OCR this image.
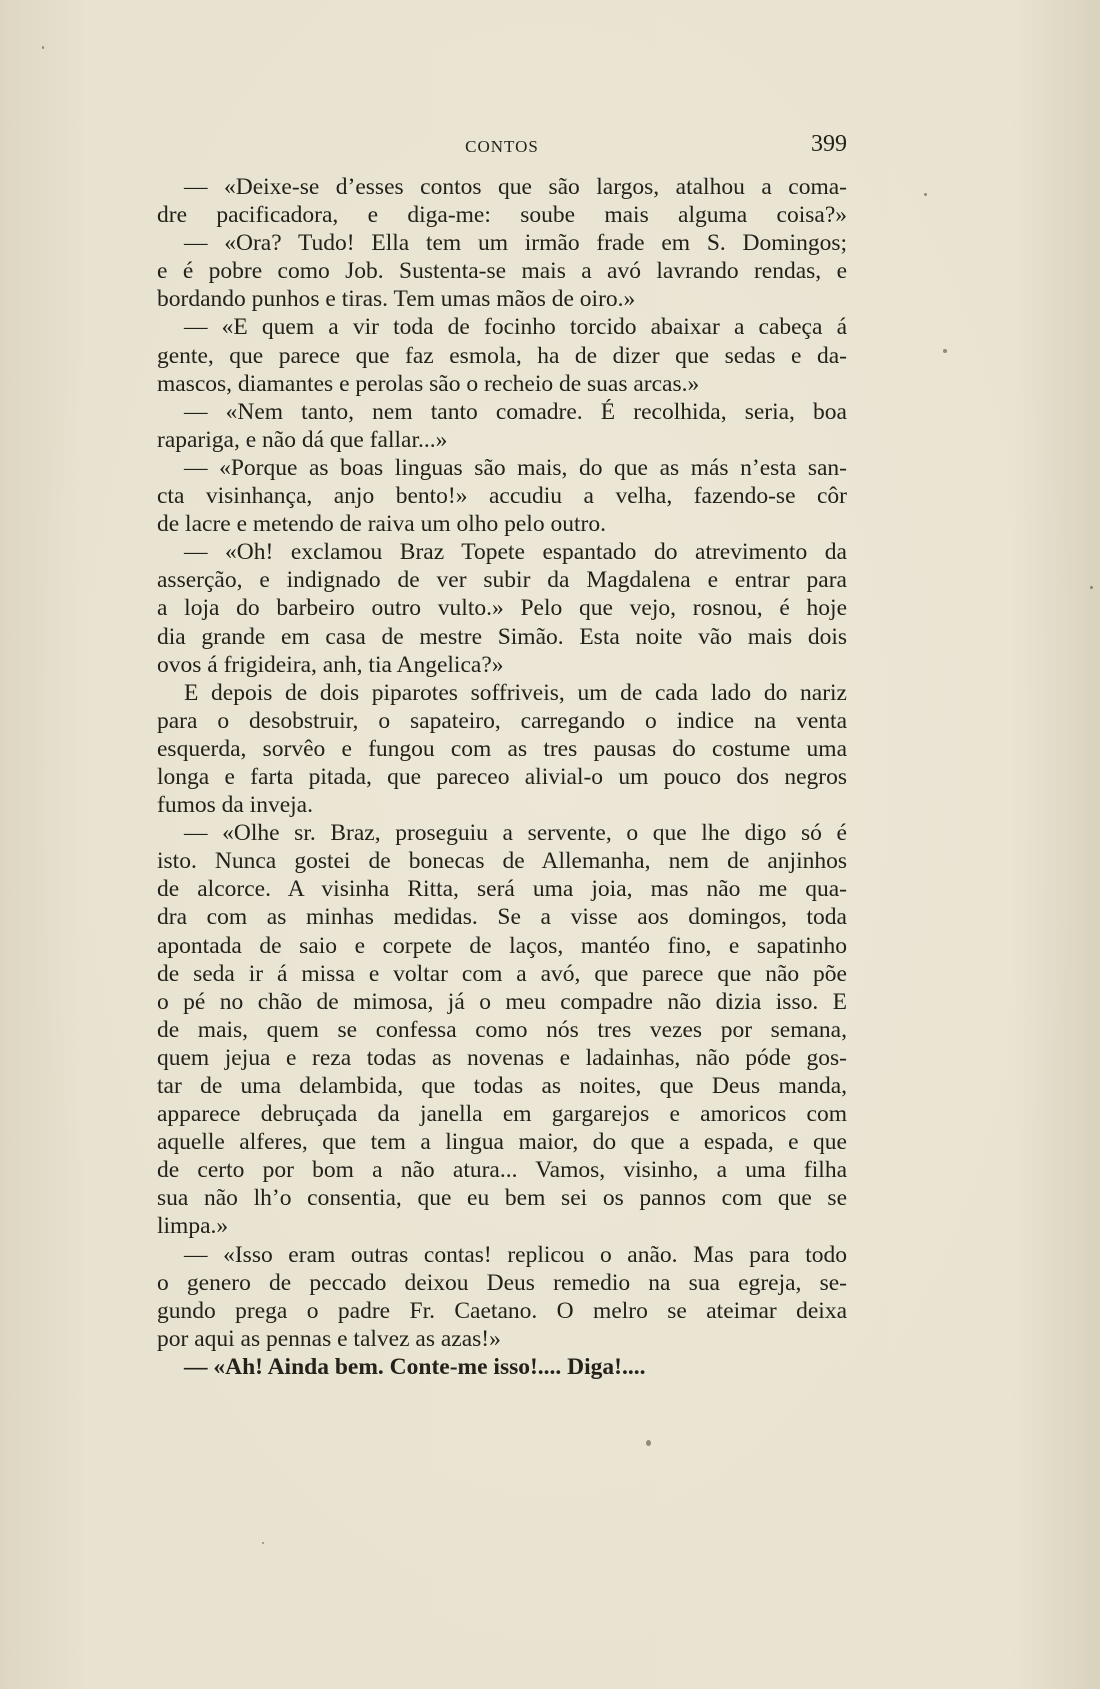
CONTOS	399
— «Deixe-se d’esses contos que são largos, atalhou a coma-
dre pacificadora, e diga-me: soube mais alguma coisa?»
— «Ora? Tudo! Ella tem um irmão frade em S. Domingos;
e é pobre como Job. Sustenta-se mais a avó lavrando rendas, e
bordando punhos e tiras. Tem umas mãos de oiro.»
— «E quem a vir toda de focinho torcido abaixar a cabeça á
gente, que parece que faz esmola, ha de dizer que sedas e da-
mascos, diamantes e perolas são o recheio de suas arcas.»
— «Nem tanto, nem tanto comadre. É recolhida, seria, boa
rapariga, e não dá que fallar...»
— «Porque as boas linguas são mais, do que as más n’esta san-
cta visinhança, anjo bento!» accudiu a velha, fazendo-se côr
de lacre e metendo de raiva um olho pelo outro.
— «Oh! exclamou Braz Topete espantado do atrevimento da
asserção, e indignado de ver subir da Magdalena e entrar para
a loja do barbeiro outro vulto.» Pelo que vejo, rosnou, é hoje
dia grande em casa de mestre Simão. Esta noite vão mais dois
ovos á frigideira, anh, tia Angelica?»
E depois de dois piparotes soffriveis, um de cada lado do nariz
para o desobstruir, o sapateiro, carregando o indice na venta
esquerda, sorvêo e fungou com as tres pausas do costume uma
longa e farta pitada, que pareceo alivial-o um pouco dos negros
fumos da inveja.
— «Olhe sr. Braz, proseguiu a servente, o que lhe digo só é
isto. Nunca gostei de bonecas de Allemanha, nem de anjinhos
de alcorce. A visinha Ritta, será uma joia, mas não me qua-
dra com as minhas medidas. Se a visse aos domingos, toda
apontada de saio e corpete de laços, mantéo fino, e sapatinho
de seda ir á missa e voltar com a avó, que parece que não põe
o pé no chão de mimosa, já o meu compadre não dizia isso. E
de mais, quem se confessa como nós tres vezes por semana,
quem jejua e reza todas as novenas e ladainhas, não póde gos-
tar de uma delambida, que todas as noites, que Deus manda,
apparece debruçada da janella em gargarejos e amoricos com
aquelle alferes, que tem a lingua maior, do que a espada, e que
de certo por bom a não atura... Vamos, visinho, a uma filha
sua não lh’o consentia, que eu bem sei os pannos com que se
limpa.»
— «Isso eram outras contas! replicou o anão. Mas para todo
o genero de peccado deixou Deus remedio na sua egreja, se-
gundo prega o padre Fr. Caetano. O melro se ateimar deixa
por aqui as pennas e talvez as azas!»
— «Ah! Ainda bem. Conte-me isso!.... Diga!....
